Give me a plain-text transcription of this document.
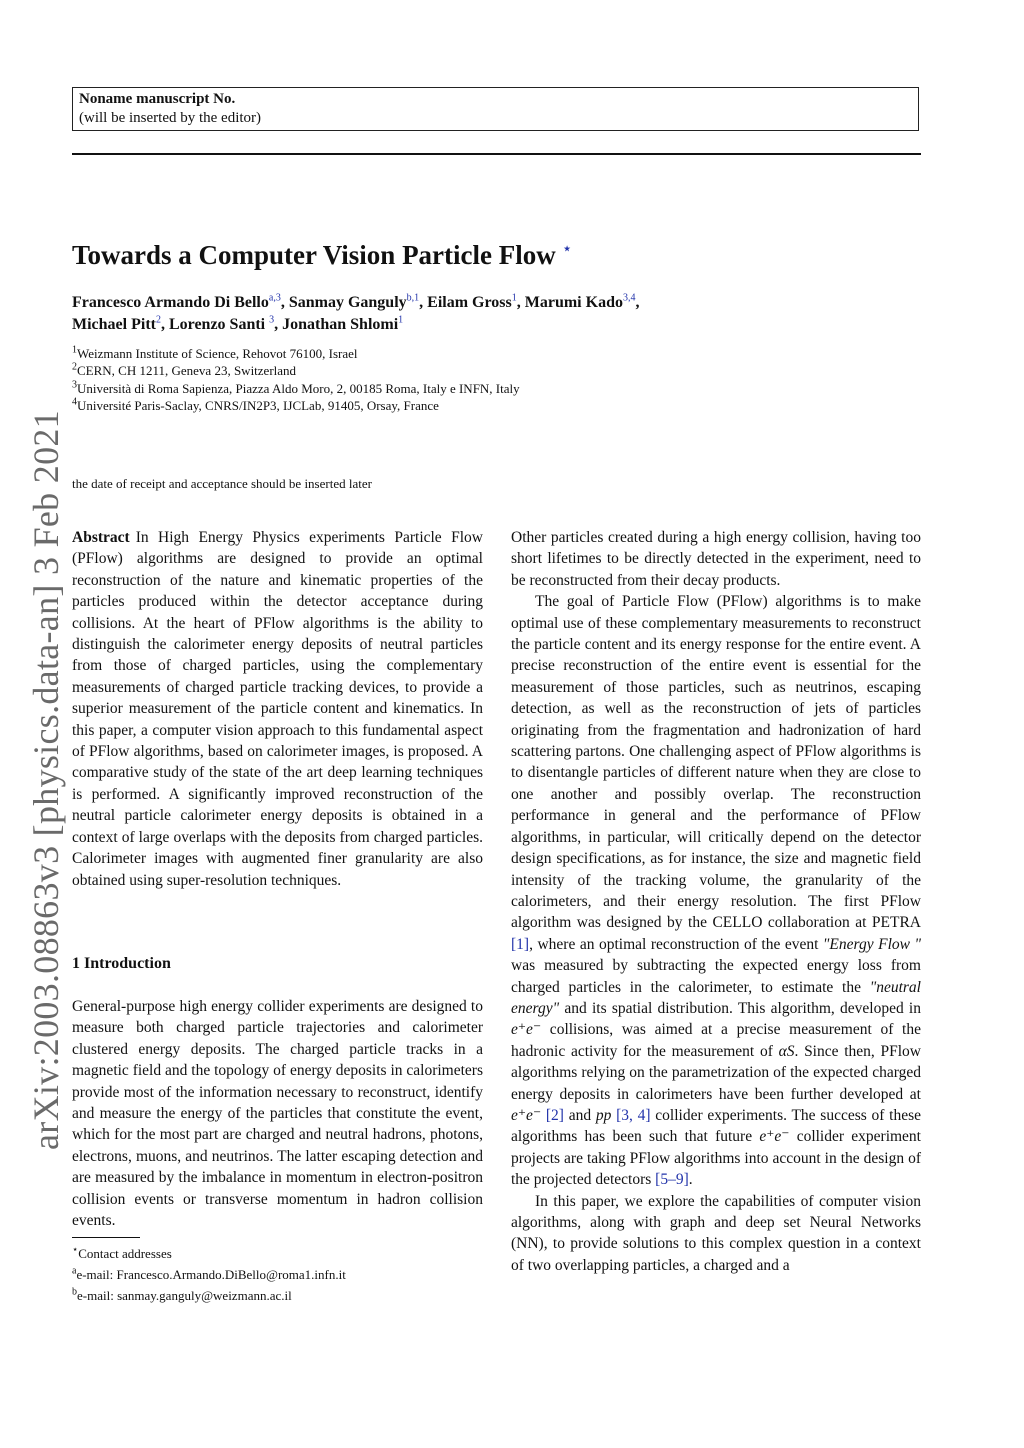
Noname manuscript No.
(will be inserted by the editor)
Towards a Computer Vision Particle Flow ⋆
Francesco Armando Di Bello$^{a,3}$, Sanmay Ganguly$^{b,1}$, Eilam Gross$^1$, Marumi Kado$^{3,4}$,
Michael Pitt$^2$, Lorenzo Santi $^3$, Jonathan Shlomi$^1$
$^1$Weizmann Institute of Science, Rehovot 76100, Israel
$^2$CERN, CH 1211, Geneva 23, Switzerland
$^3$Università di Roma Sapienza, Piazza Aldo Moro, 2, 00185 Roma, Italy e INFN, Italy
$^4$Université Paris-Saclay, CNRS/IN2P3, IJCLab, 91405, Orsay, France
the date of receipt and acceptance should be inserted later
arXiv:2003.08863v3 [physics.data-an] 3 Feb 2021 Abstract In High Energy Physics experiments Particle Flow (PFlow) algorithms are designed to provide an optimal reconstruction of the nature and kinematic properties of the particles produced within the detector acceptance during collisions. At the heart of PFlow algorithms is the ability to distinguish the calorimeter energy deposits of neutral particles from those of charged particles, using the complementary measurements of charged particle tracking devices, to provide a superior measurement of the particle content and kinematics. In this paper, a computer vision approach to this fundamental aspect of PFlow algorithms, based on calorimeter images, is proposed. A comparative study of the state of the art deep learning techniques is performed. A significantly improved reconstruction of the neutral particle calorimeter energy deposits is obtained in a context of large overlaps with the deposits from charged particles. Calorimeter images with augmented finer granularity are also obtained using super-resolution techniques.

1 Introduction

General-purpose high energy collider experiments are designed to measure both charged particle trajectories and calorimeter clustered energy deposits. The charged particle tracks in a magnetic field and the topology of energy deposits in calorimeters provide most of the information necessary to reconstruct, identify and measure the energy of the particles that constitute the event, which for the most part are charged and neutral hadrons, photons, electrons, muons, and neutrinos. The latter escaping detection and are measured by the imbalance in momentum in electron-positron collision events or transverse momentum in hadron collision events.

⋆Contact addresses
$^a$e-mail: Francesco.Armando.DiBello@roma1.infn.it
$^b$e-mail: sanmay.ganguly@weizmann.ac.il

Other particles created during a high energy collision, having too short lifetimes to be directly detected in the experiment, need to be reconstructed from their decay products.

The goal of Particle Flow (PFlow) algorithms is to make optimal use of these complementary measurements to reconstruct the particle content and its energy response for the entire event. A precise reconstruction of the entire event is essential for the measurement of those particles, such as neutrinos, escaping detection, as well as the reconstruction of jets of particles originating from the fragmentation and hadronization of hard scattering partons. One challenging aspect of PFlow algorithms is to disentangle particles of different nature when they are close to one another and possibly overlap. The reconstruction performance in general and the performance of PFlow algorithms, in particular, will critically depend on the detector design specifications, as for instance, the size and magnetic field intensity of the tracking volume, the granularity of the calorimeters, and their energy resolution. The first PFlow algorithm was designed by the CELLO collaboration at PETRA [1], where an optimal reconstruction of the event "Energy Flow " was measured by subtracting the expected energy loss from charged particles in the calorimeter, to estimate the "neutral energy" and its spatial distribution. This algorithm, developed in e⁺e⁻ collisions, was aimed at a precise measurement of the hadronic activity for the measurement of αS. Since then, PFlow algorithms relying on the parametrization of the expected charged energy deposits in calorimeters have been further developed at e⁺e⁻ [2] and pp [3, 4] collider experiments. The success of these algorithms has been such that future e⁺e⁻ collider experiment projects are taking PFlow algorithms into account in the design of the projected detectors [5–9].

In this paper, we explore the capabilities of computer vision algorithms, along with graph and deep set Neural Networks (NN), to provide solutions to this complex question in a context of two overlapping particles, a charged and a
